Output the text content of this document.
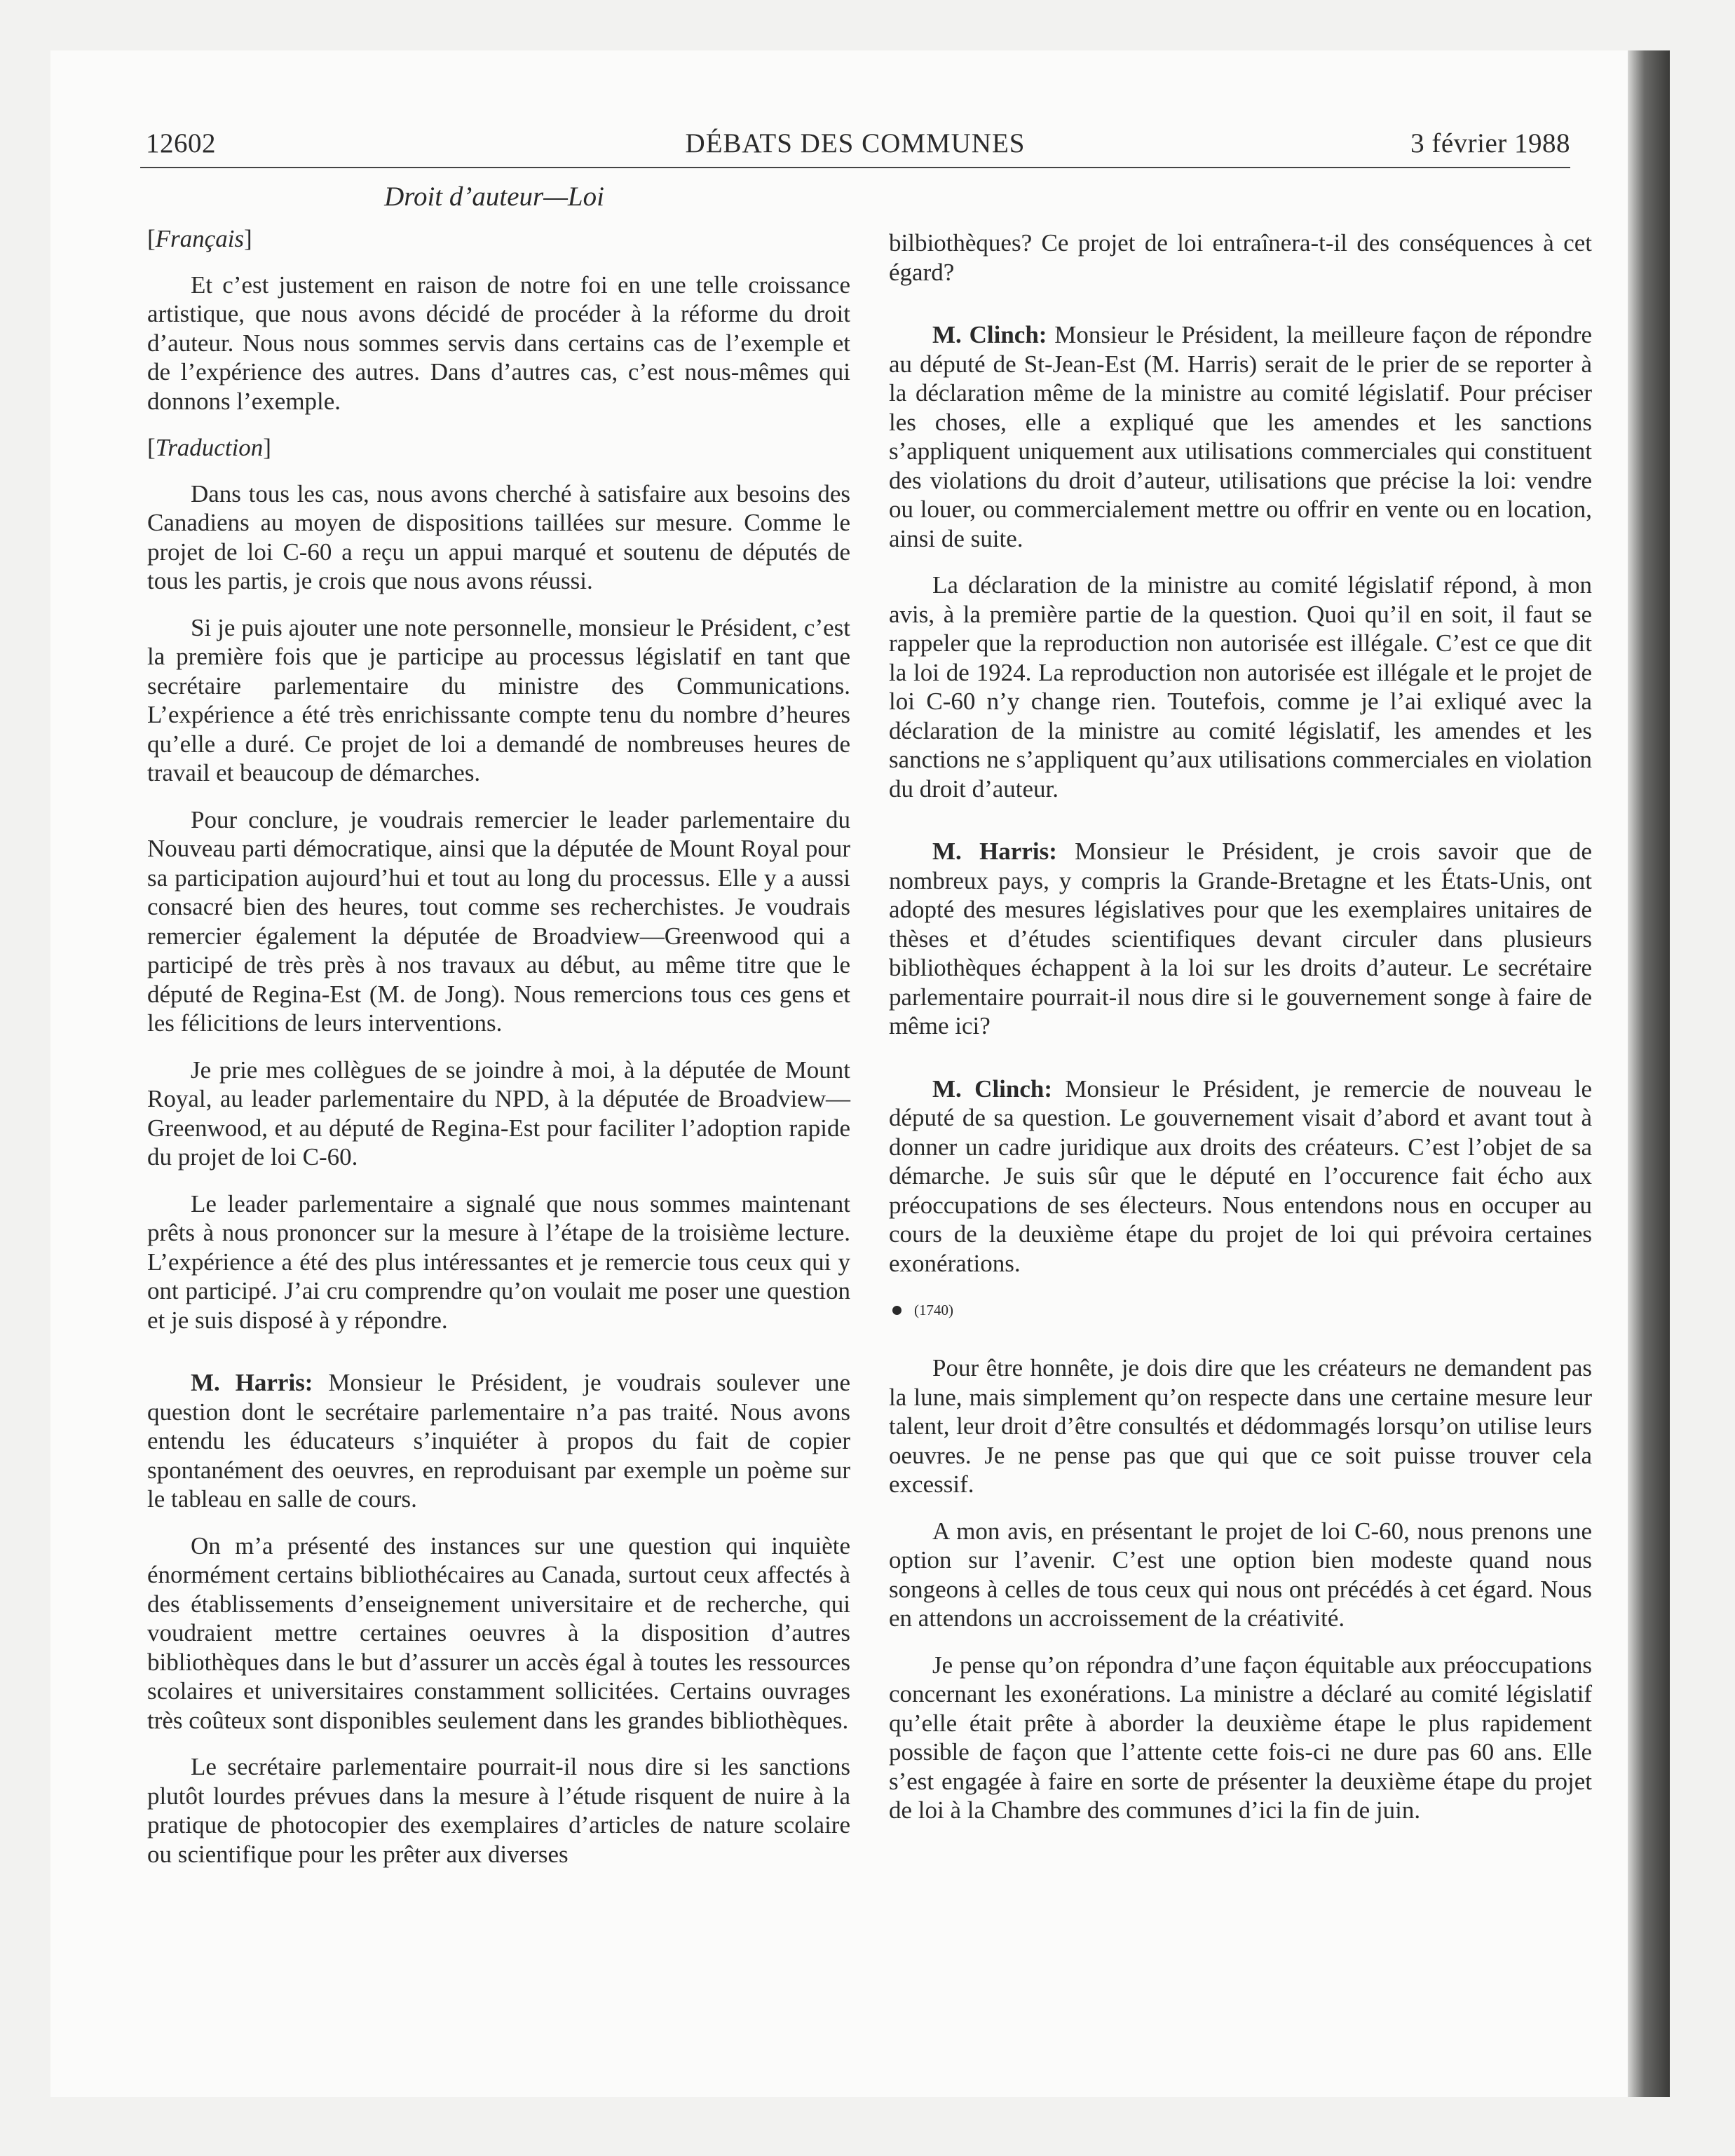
12602	DÉBATS DES COMMUNES	3 février 1988
Droit d’auteur—Loi

[Français]

Et c’est justement en raison de notre foi en une telle croissance artistique, que nous avons décidé de procéder à la réforme du droit d’auteur. Nous nous sommes servis dans certains cas de l’exemple et de l’expérience des autres. Dans d’autres cas, c’est nous-mêmes qui donnons l’exemple.

[Traduction]

Dans tous les cas, nous avons cherché à satisfaire aux besoins des Canadiens au moyen de dispositions taillées sur mesure. Comme le projet de loi C-60 a reçu un appui marqué et soutenu de députés de tous les partis, je crois que nous avons réussi.

Si je puis ajouter une note personnelle, monsieur le Président, c’est la première fois que je participe au processus législatif en tant que secrétaire parlementaire du ministre des Communications. L’expérience a été très enrichissante compte tenu du nombre d’heures qu’elle a duré. Ce projet de loi a demandé de nombreuses heures de travail et beaucoup de démarches.

Pour conclure, je voudrais remercier le leader parlementaire du Nouveau parti démocratique, ainsi que la députée de Mount Royal pour sa participation aujourd’hui et tout au long du processus. Elle y a aussi consacré bien des heures, tout comme ses recherchistes. Je voudrais remercier également la députée de Broadview—Greenwood qui a participé de très près à nos travaux au début, au même titre que le député de Regina-Est (M. de Jong). Nous remercions tous ces gens et les félicitions de leurs interventions.

Je prie mes collègues de se joindre à moi, à la députée de Mount Royal, au leader parlementaire du NPD, à la députée de Broadview—Greenwood, et au député de Regina-Est pour faciliter l’adoption rapide du projet de loi C-60.

Le leader parlementaire a signalé que nous sommes maintenant prêts à nous prononcer sur la mesure à l’étape de la troisième lecture. L’expérience a été des plus intéressantes et je remercie tous ceux qui y ont participé. J’ai cru comprendre qu’on voulait me poser une question et je suis disposé à y répondre.

M. Harris: Monsieur le Président, je voudrais soulever une question dont le secrétaire parlementaire n’a pas traité. Nous avons entendu les éducateurs s’inquiéter à propos du fait de copier spontanément des oeuvres, en reproduisant par exemple un poème sur le tableau en salle de cours.

On m’a présenté des instances sur une question qui inquiète énormément certains bibliothécaires au Canada, surtout ceux affectés à des établissements d’enseignement universitaire et de recherche, qui voudraient mettre certaines oeuvres à la disposition d’autres bibliothèques dans le but d’assurer un accès égal à toutes les ressources scolaires et universitaires constamment sollicitées. Certains ouvrages très coûteux sont disponibles seulement dans les grandes bibliothèques.

Le secrétaire parlementaire pourrait-il nous dire si les sanctions plutôt lourdes prévues dans la mesure à l’étude risquent de nuire à la pratique de photocopier des exemplaires d’articles de nature scolaire ou scientifique pour les prêter aux diverses

bilbiothèques? Ce projet de loi entraînera-t-il des conséquences à cet égard?

M. Clinch: Monsieur le Président, la meilleure façon de répondre au député de St-Jean-Est (M. Harris) serait de le prier de se reporter à la déclaration même de la ministre au comité législatif. Pour préciser les choses, elle a expliqué que les amendes et les sanctions s’appliquent uniquement aux utilisations commerciales qui constituent des violations du droit d’auteur, utilisations que précise la loi: vendre ou louer, ou commercialement mettre ou offrir en vente ou en location, ainsi de suite.

La déclaration de la ministre au comité législatif répond, à mon avis, à la première partie de la question. Quoi qu’il en soit, il faut se rappeler que la reproduction non autorisée est illégale. C’est ce que dit la loi de 1924. La reproduction non autorisée est illégale et le projet de loi C-60 n’y change rien. Toutefois, comme je l’ai exliqué avec la déclaration de la ministre au comité législatif, les amendes et les sanctions ne s’appliquent qu’aux utilisations commerciales en violation du droit d’auteur.

M. Harris: Monsieur le Président, je crois savoir que de nombreux pays, y compris la Grande-Bretagne et les États-Unis, ont adopté des mesures législatives pour que les exemplaires unitaires de thèses et d’études scientifiques devant circuler dans plusieurs bibliothèques échappent à la loi sur les droits d’auteur. Le secrétaire parlementaire pourrait-il nous dire si le gouvernement songe à faire de même ici?

M. Clinch: Monsieur le Président, je remercie de nouveau le député de sa question. Le gouvernement visait d’abord et avant tout à donner un cadre juridique aux droits des créateurs. C’est l’objet de sa démarche. Je suis sûr que le député en l’occurence fait écho aux préoccupations de ses électeurs. Nous entendons nous en occuper au cours de la deuxième étape du projet de loi qui prévoira certaines exonérations.

(1740)

Pour être honnête, je dois dire que les créateurs ne demandent pas la lune, mais simplement qu’on respecte dans une certaine mesure leur talent, leur droit d’être consultés et dédommagés lorsqu’on utilise leurs oeuvres. Je ne pense pas que qui que ce soit puisse trouver cela excessif.

A mon avis, en présentant le projet de loi C-60, nous prenons une option sur l’avenir. C’est une option bien modeste quand nous songeons à celles de tous ceux qui nous ont précédés à cet égard. Nous en attendons un accroissement de la créativité.

Je pense qu’on répondra d’une façon équitable aux préoccupations concernant les exonérations. La ministre a déclaré au comité législatif qu’elle était prête à aborder la deuxième étape le plus rapidement possible de façon que l’attente cette fois-ci ne dure pas 60 ans. Elle s’est engagée à faire en sorte de présenter la deuxième étape du projet de loi à la Chambre des communes d’ici la fin de juin.
